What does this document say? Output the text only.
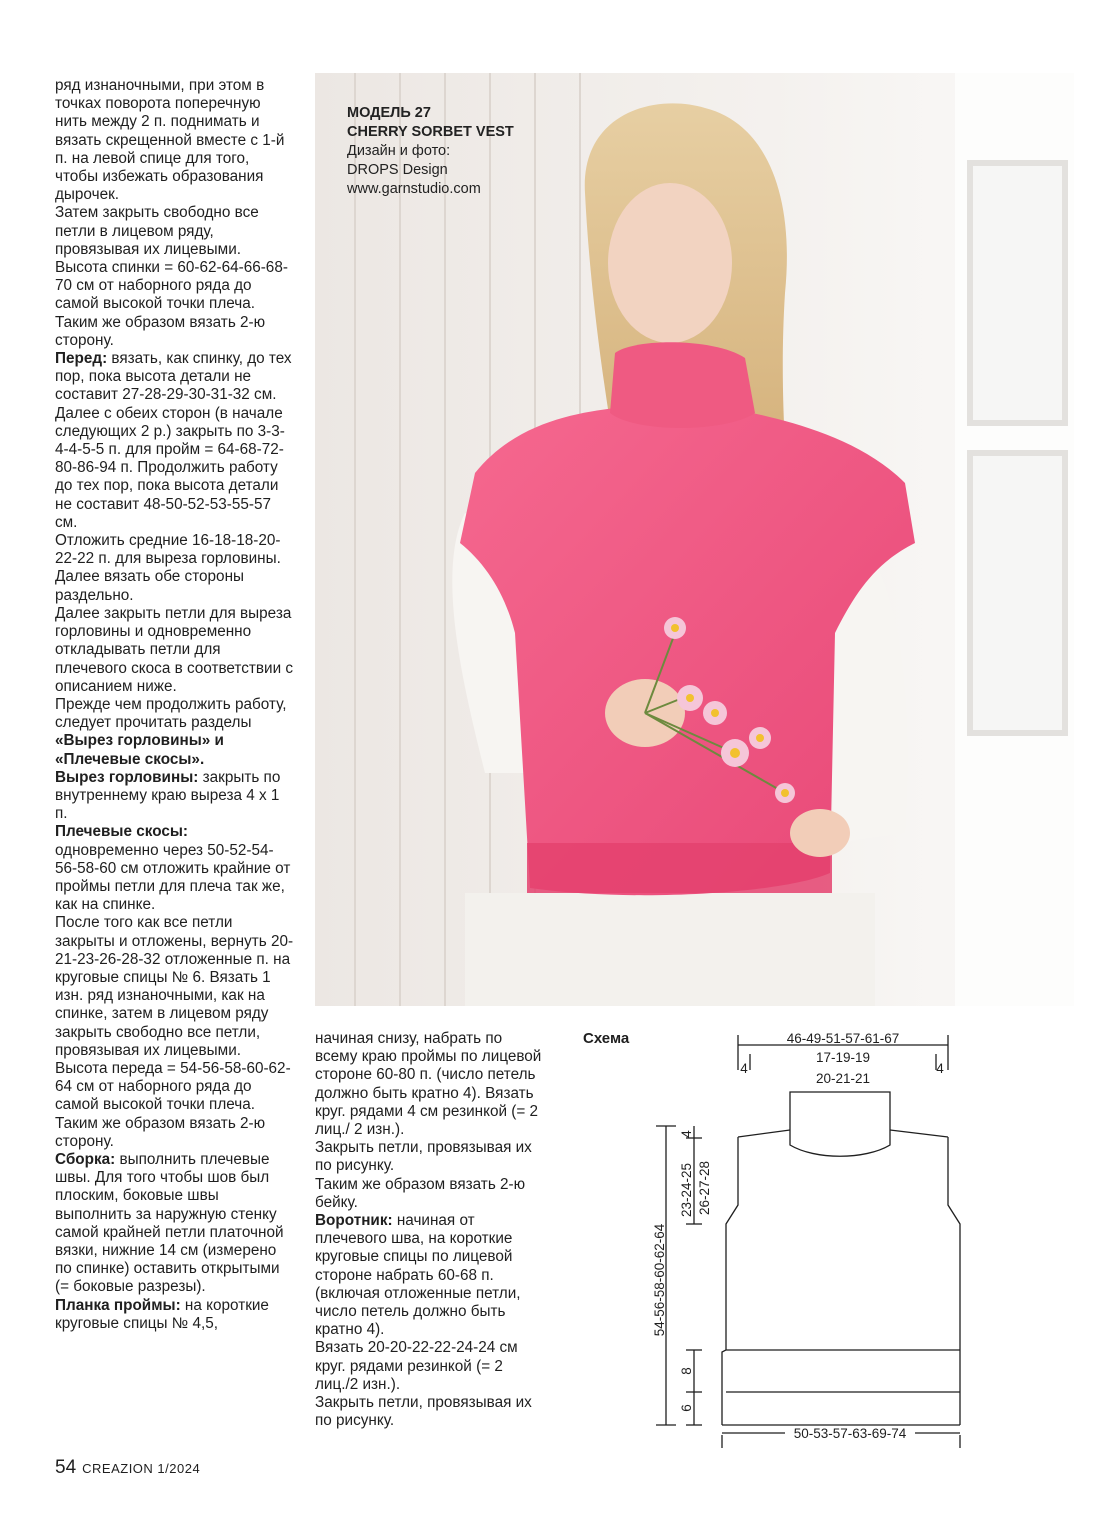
ряд изнаночными, при этом в точках поворота поперечную нить между 2 п. поднимать и вязать скрещенной вместе с 1-й п. на левой спице для того, чтобы избежать образования дырочек.

Затем закрыть свободно все петли в лицевом ряду, провязывая их лицевыми.

Высота спинки = 60-62-64-66-68-70 см от наборного ряда до самой высокой точки плеча.

Таким же образом вязать 2-ю сторону.

Перед: вязать, как спинку, до тех пор, пока высота детали не составит 27-28-29-30-31-32 см. Далее с обеих сторон (в начале следующих 2 р.) закрыть по 3-3-4-4-5-5 п. для пройм = 64-68-72-80-86-94 п. Продолжить работу до тех пор, пока высота детали не составит 48-50-52-53-55-57 см.

Отложить средние 16-18-18-20-22-22 п. для выреза горловины.

Далее вязать обе стороны раздельно.

Далее закрыть петли для выреза горловины и одновременно откладывать петли для плечевого скоса в соответствии с описанием ниже.

Прежде чем продолжить работу, следует прочитать разделы «Вырез горловины» и «Плечевые скосы».

Вырез горловины: закрыть по внутреннему краю выреза 4 х 1 п.

Плечевые скосы: одновременно через 50-52-54-56-58-60 см отложить крайние от проймы петли для плеча так же, как на спинке.

После того как все петли закрыты и отложены, вернуть 20-21-23-26-28-32 отложенные п. на круговые спицы № 6. Вязать 1 изн. ряд изнаночными, как на спинке, затем в лицевом ряду закрыть свободно все петли, провязывая их лицевыми.

Высота переда = 54-56-58-60-62-64 см от наборного ряда до самой высокой точки плеча.

Таким же образом вязать 2-ю сторону.

Сборка: выполнить плечевые швы. Для того чтобы шов был плоским, боковые швы выполнить за наружную стенку самой крайней петли платочной вязки, нижние 14 см (измерено по спинке) оставить открытыми (= боковые разрезы).

Планка проймы: на короткие круговые спицы № 4,5,

МОДЕЛЬ 27
CHERRY SORBET VEST
Дизайн и фото:
DROPS Design
www.garnstudio.com

начиная снизу, набрать по всему краю проймы по лицевой стороне 60-80 п. (число петель должно быть кратно 4). Вязать круг. рядами 4 см резинкой (= 2 лиц./ 2 изн.).

Закрыть петли, провязывая их по рисунку.

Таким же образом вязать 2-ю бейку.

Воротник: начиная от плечевого шва, на короткие круговые спицы по лицевой стороне набрать 60-68 п. (включая отложенные петли, число петель должно быть кратно 4).

Вязать 20-20-22-22-24-24 см круг. рядами резинкой (= 2 лиц./2 изн.).

Закрыть петли, провязывая их по рисунку.

Схема	46-49-51-57-61-67
17-19-19
20-21-21
4	4
4
23-24-25 26-27-28
54-56-58-60-62-64
8
6
50-53-57-63-69-74
54 CREAZION 1/2024
